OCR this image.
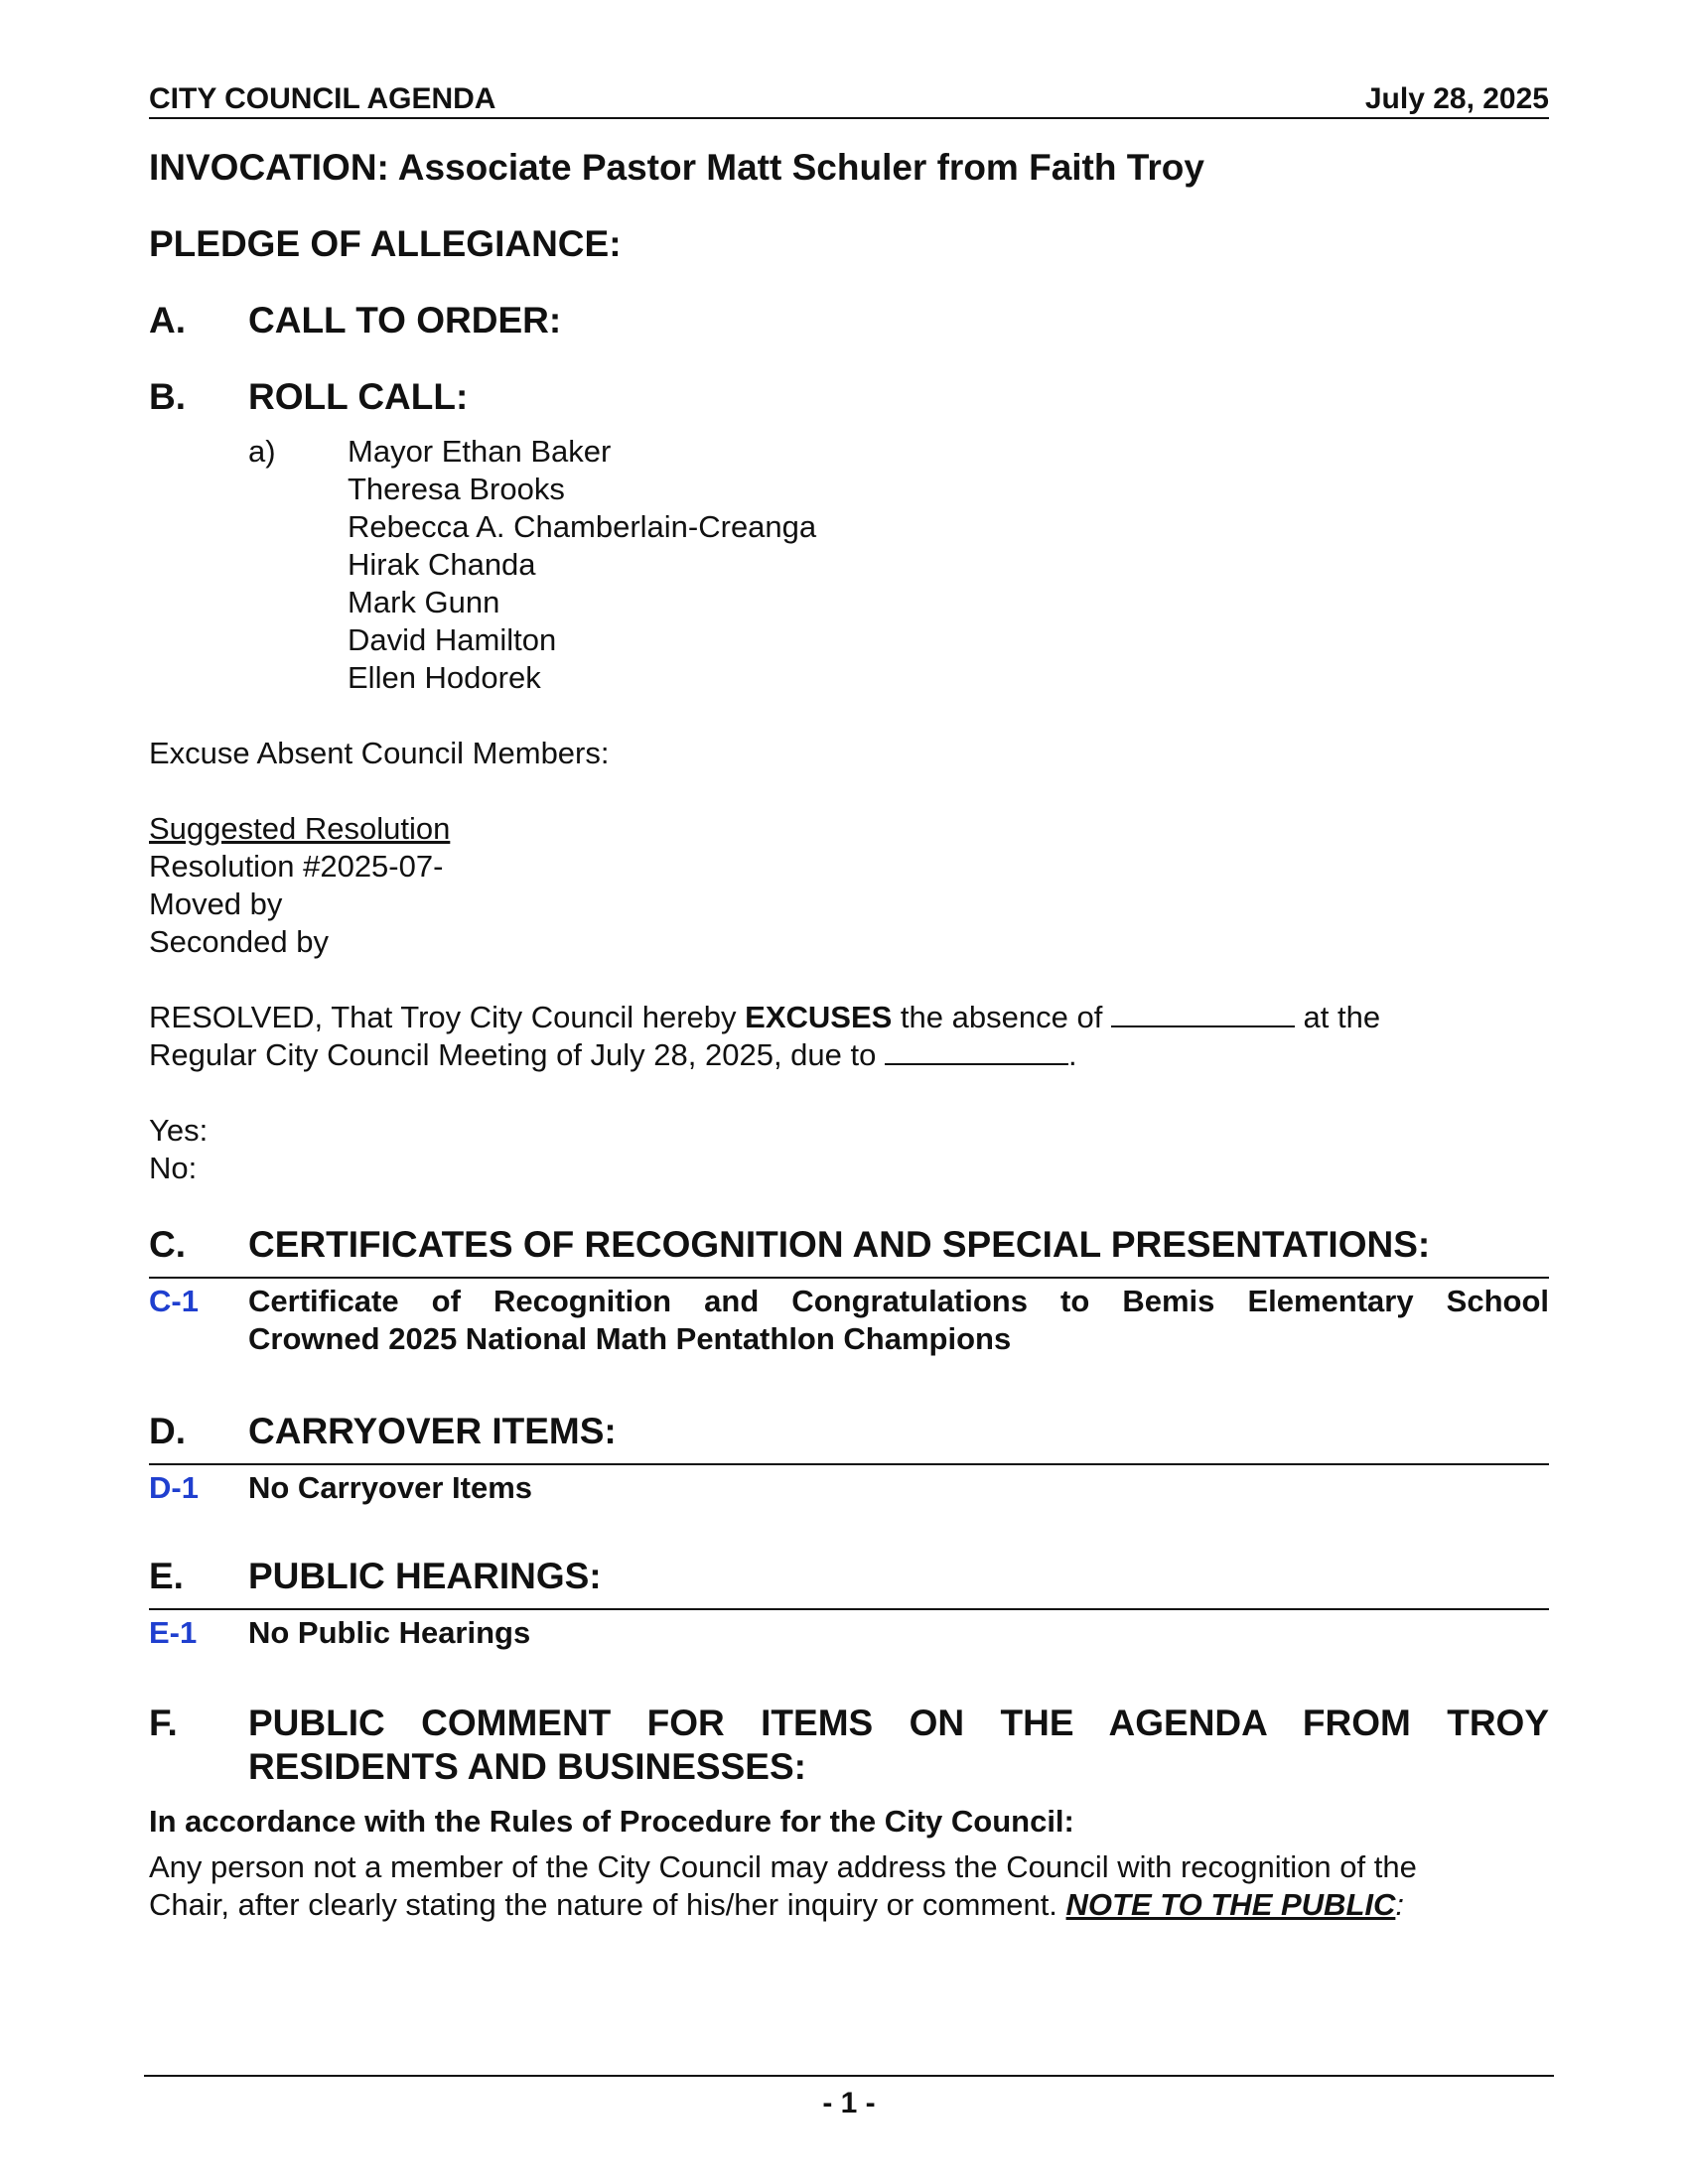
CITY COUNCIL AGENDA	July 28, 2025
INVOCATION: Associate Pastor Matt Schuler from Faith Troy
PLEDGE OF ALLEGIANCE:
A.	CALL TO ORDER:
B.	ROLL CALL:
a)	Mayor Ethan Baker
Theresa Brooks
Rebecca A. Chamberlain-Creanga
Hirak Chanda
Mark Gunn
David Hamilton
Ellen Hodorek
Excuse Absent Council Members:
Suggested Resolution
Resolution #2025-07-
Moved by
Seconded by
RESOLVED, That Troy City Council hereby EXCUSES the absence of	at the
Regular City Council Meeting of July 28, 2025, due to	.
Yes:
No:
C.	CERTIFICATES OF RECOGNITION AND SPECIAL PRESENTATIONS:
C-1	Certificate of Recognition and Congratulations to Bemis Elementary School
Crowned 2025 National Math Pentathlon Champions
D.	CARRYOVER ITEMS:
D-1	No Carryover Items
E.	PUBLIC HEARINGS:
E-1	No Public Hearings
F.	PUBLIC COMMENT FOR ITEMS ON THE AGENDA FROM TROY
RESIDENTS AND BUSINESSES:
In accordance with the Rules of Procedure for the City Council:
Any person not a member of the City Council may address the Council with recognition of the
Chair, after clearly stating the nature of his/her inquiry or comment. NOTE TO THE PUBLIC:
- 1 -
